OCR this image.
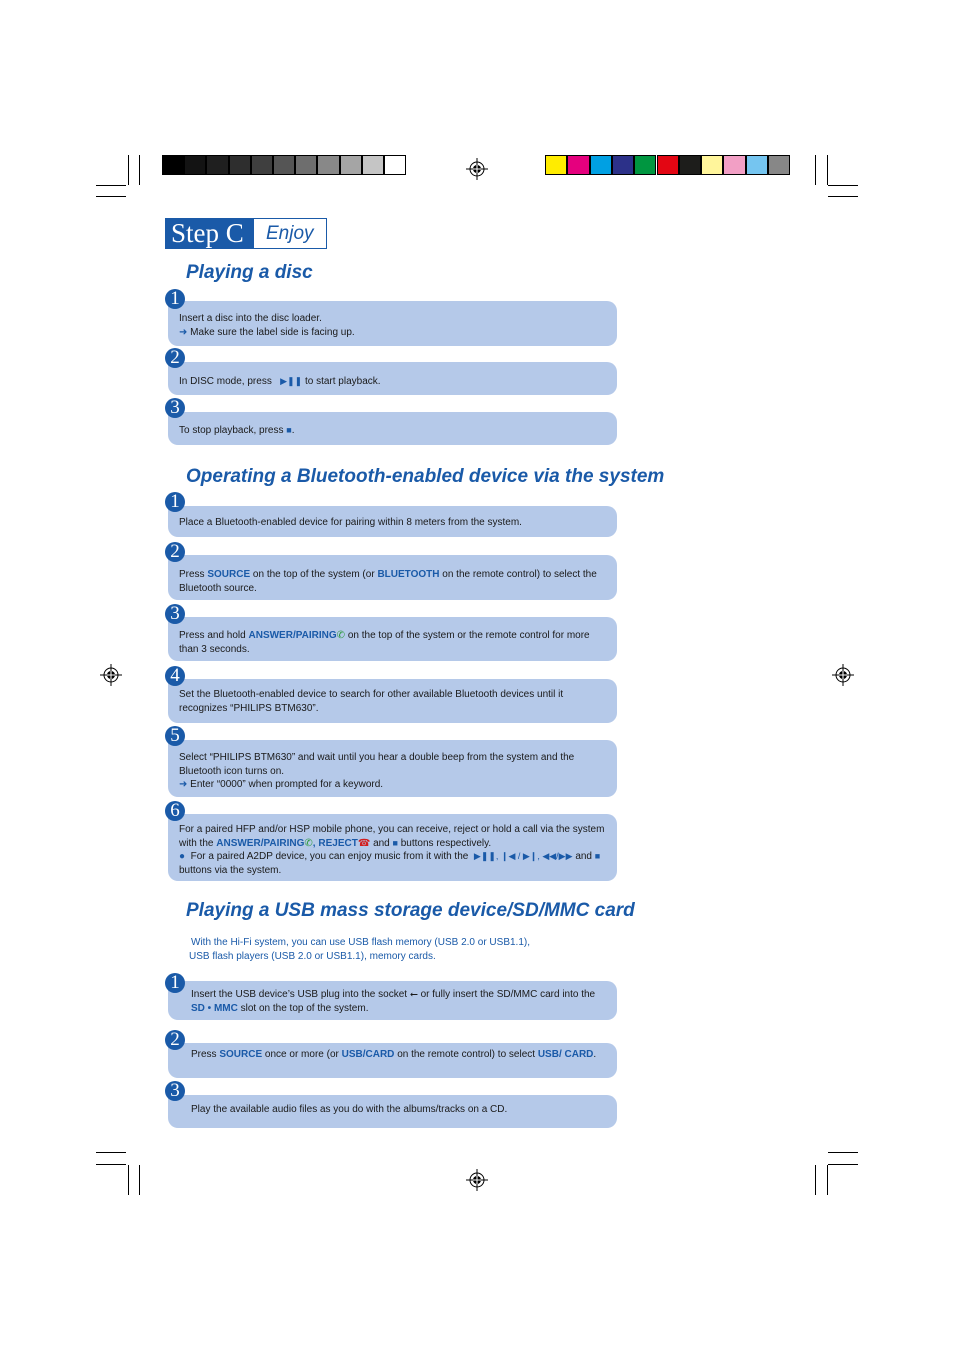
Step C	Enjoy
Playing a disc
Insert a disc into the disc loader.
➜ Make sure the label side is facing up.
1
In DISC mode, press ▶❚❚ to start playback.
2
To stop playback, press ■.
3
Operating a Bluetooth-enabled device via the system
Place a Bluetooth-enabled device for pairing within 8 meters from the system.
1
Press SOURCE on the top of the system (or BLUETOOTH on the remote control) to select the Bluetooth source.
2
Press and hold ANSWER/PAIRING✆ on the top of the system or the remote control for more than 3 seconds.
3
Set the Bluetooth-enabled device to search for other available Bluetooth devices until it recognizes “PHILIPS BTM630”.
4
Select “PHILIPS BTM630” and wait until you hear a double beep from the system and the Bluetooth icon turns on.
➜ Enter “0000” when prompted for a keyword.
5
For a paired HFP and/or HSP mobile phone, you can receive, reject or hold a call via the system with the ANSWER/PAIRING✆, REJECT☎ and ■ buttons respectively.
● For a paired A2DP device, you can enjoy music from it with the ▶❚❚, ❙◀ / ▶❙, ◀◀/▶▶ and ■ buttons via the system.
6
Playing a USB mass storage device/SD/MMC card
With the Hi-Fi system, you can use USB flash memory (USB 2.0 or USB1.1),
USB flash players (USB 2.0 or USB1.1), memory cards.
Insert the USB device’s USB plug into the socket ⭠ or fully insert the SD/MMC card into the SD • MMC slot on the top of the system.
1
Press SOURCE once or more (or USB/CARD on the remote control) to select USB/ CARD.
2
Play the available audio files as you do with the albums/tracks on a CD.
3
